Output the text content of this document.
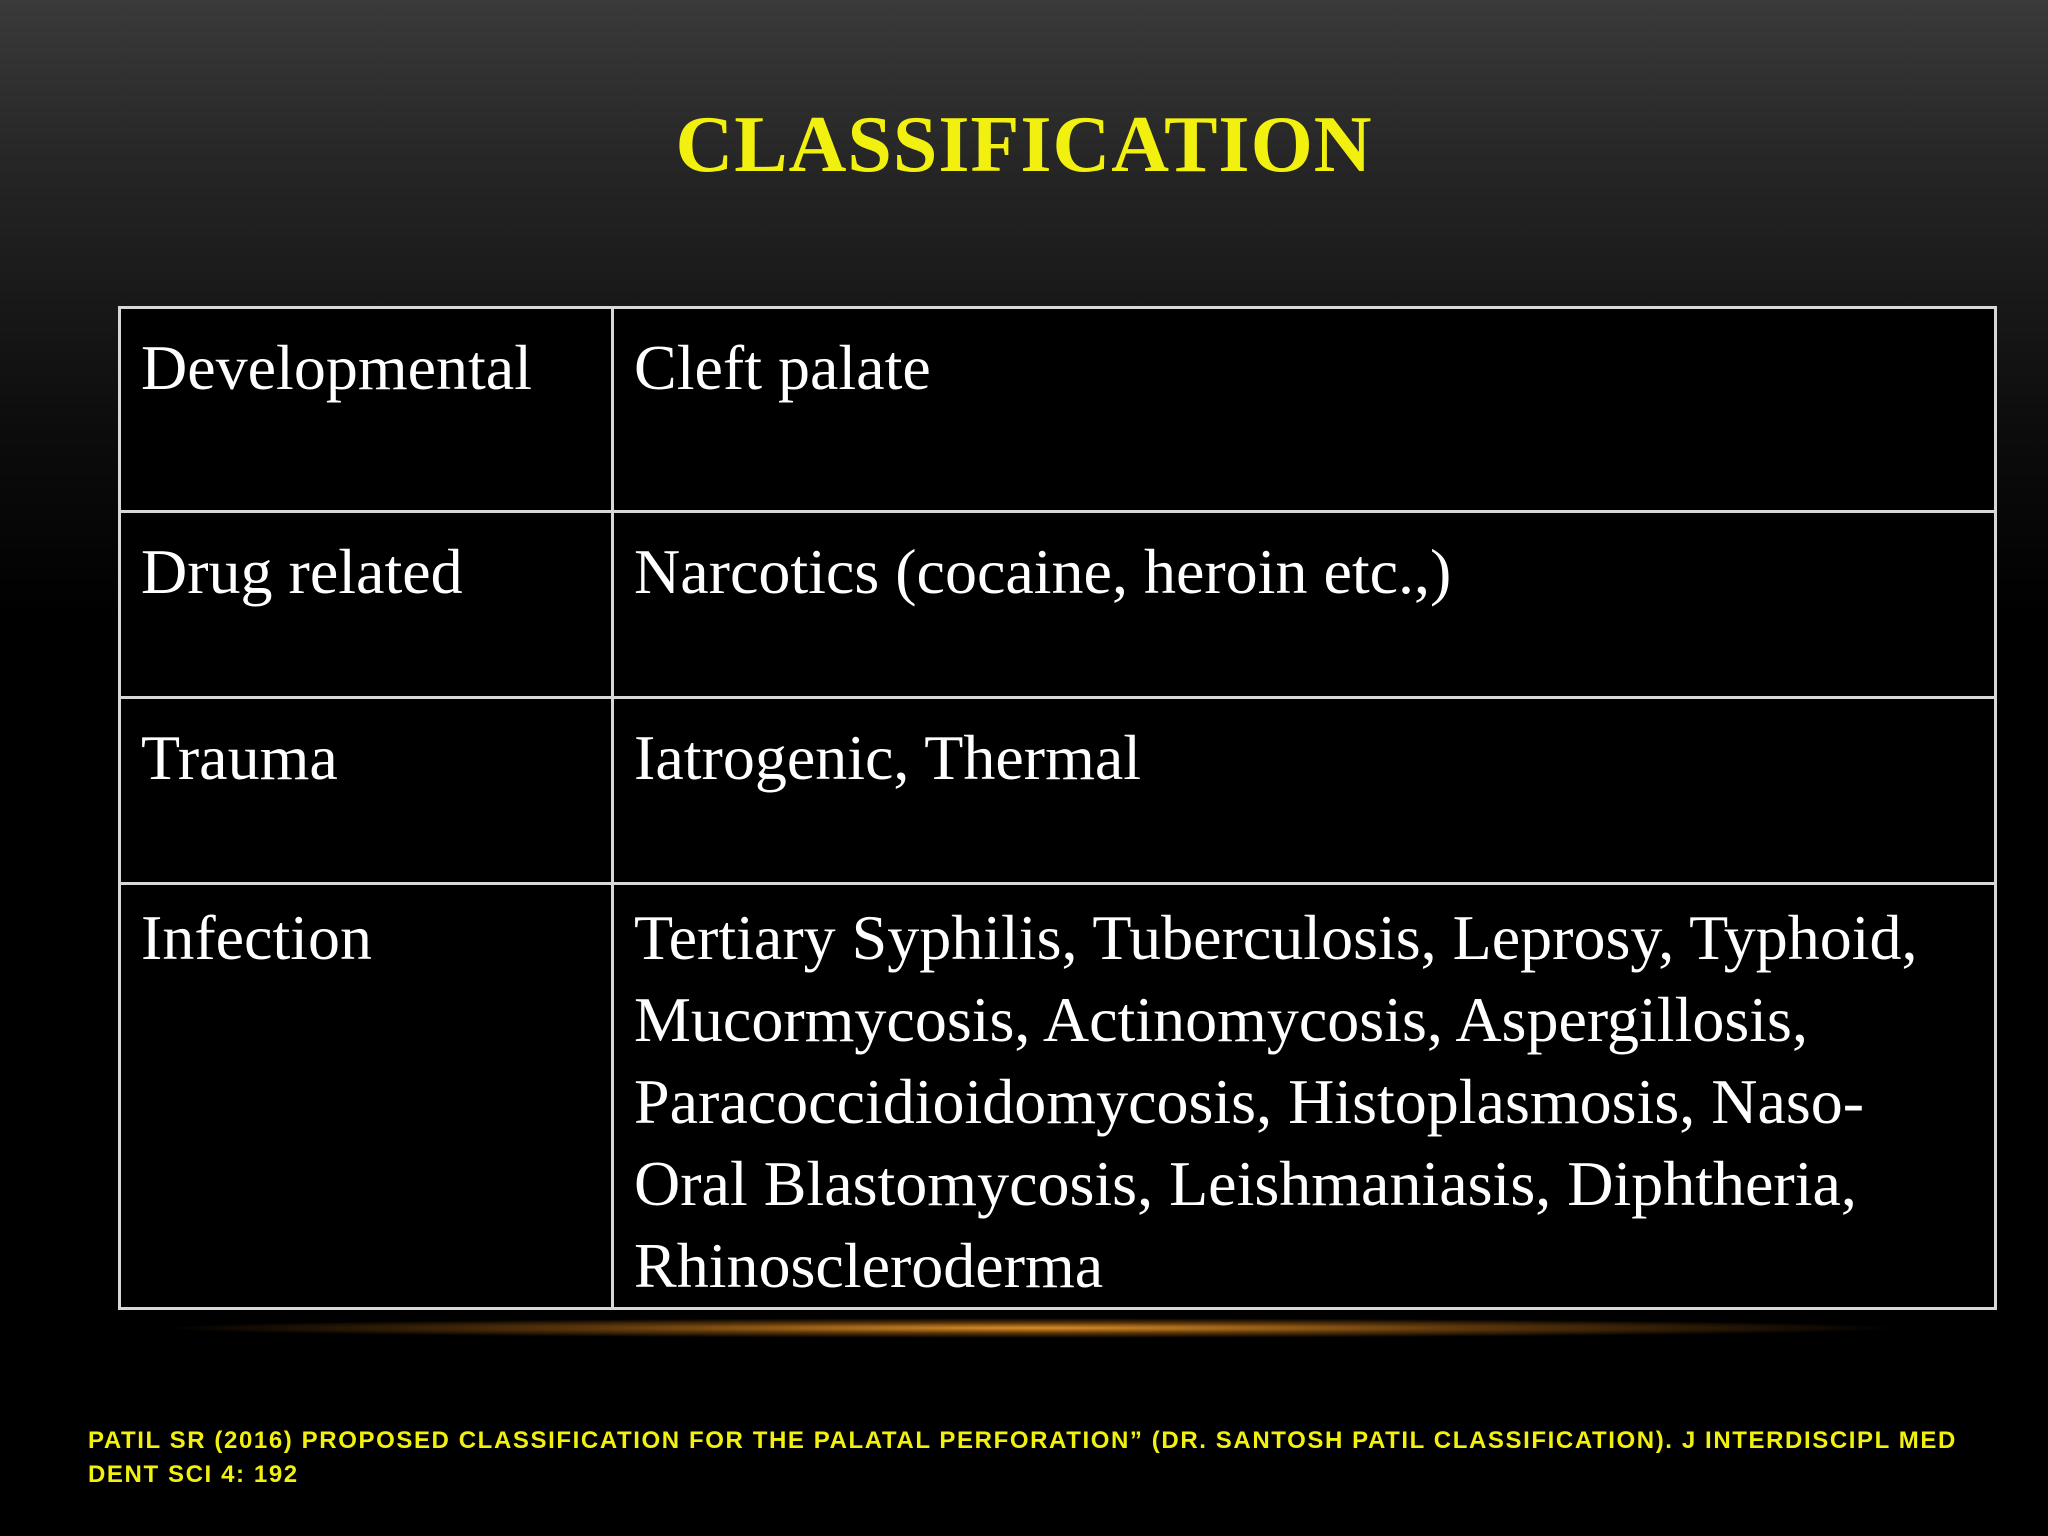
CLASSIFICATION
Developmental	Cleft palate
Drug related	Narcotics (cocaine, heroin etc.,)
Trauma	Iatrogenic, Thermal
Infection	Tertiary Syphilis, Tuberculosis, Leprosy, Typhoid, Mucormycosis, Actinomycosis, Aspergillosis, Paracoccidioidomycosis, Histoplasmosis, Naso-Oral Blastomycosis, Leishmaniasis, Diphtheria, Rhinoscleroderma
PATIL SR (2016) PROPOSED CLASSIFICATION FOR THE PALATAL PERFORATION” (DR. SANTOSH PATIL CLASSIFICATION). J INTERDISCIPL MED DENT SCI 4: 192
